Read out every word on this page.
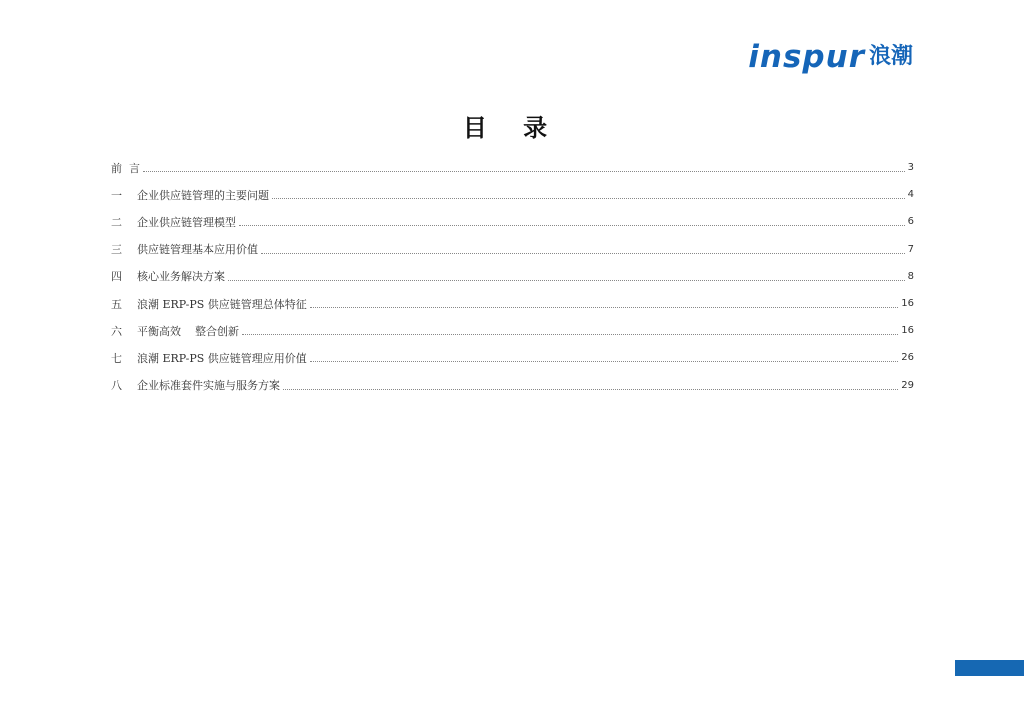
inspur 浪潮
目 录
前  言	3
一	企业供应链管理的主要问题	4
二	企业供应链管理模型	6
三	供应链管理基本应用价值	7
四	核心业务解决方案	8
五	浪潮 ERP-PS 供应链管理总体特征	16
六	平衡高效    整合创新	16
七	浪潮 ERP-PS 供应链管理应用价值	26
八	企业标准套件实施与服务方案	29
